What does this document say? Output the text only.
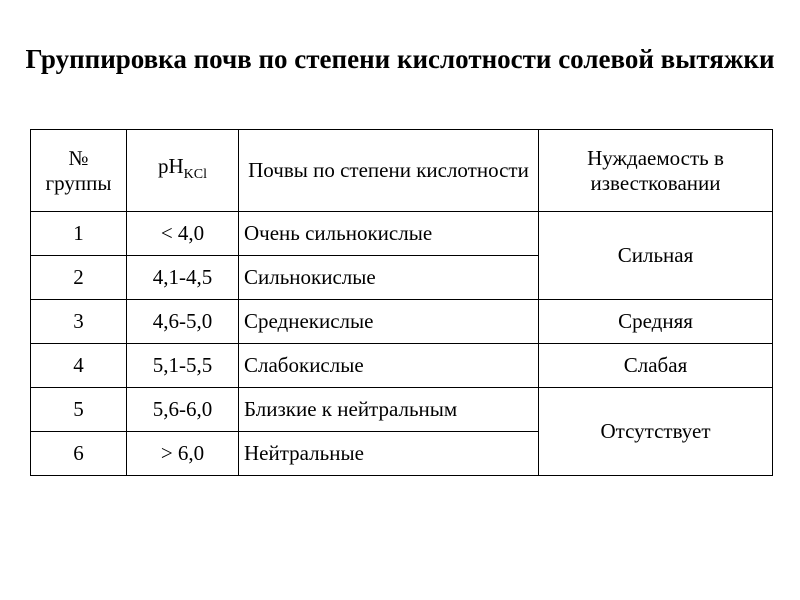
Группировка почв по степени кислотности солевой вытяжки
№ группы	$pH_{KCl}$	Почвы по степени кислотности	Нуждаемость в известковании
1	< 4,0	Очень сильнокислые	Сильная
2	4,1-4,5	Сильнокислые	
3	4,6-5,0	Среднекислые	Средняя
4	5,1-5,5	Слабокислые	Слабая
5	5,6-6,0	Близкие к нейтральным	Отсутствует
6	> 6,0	Нейтральные	
